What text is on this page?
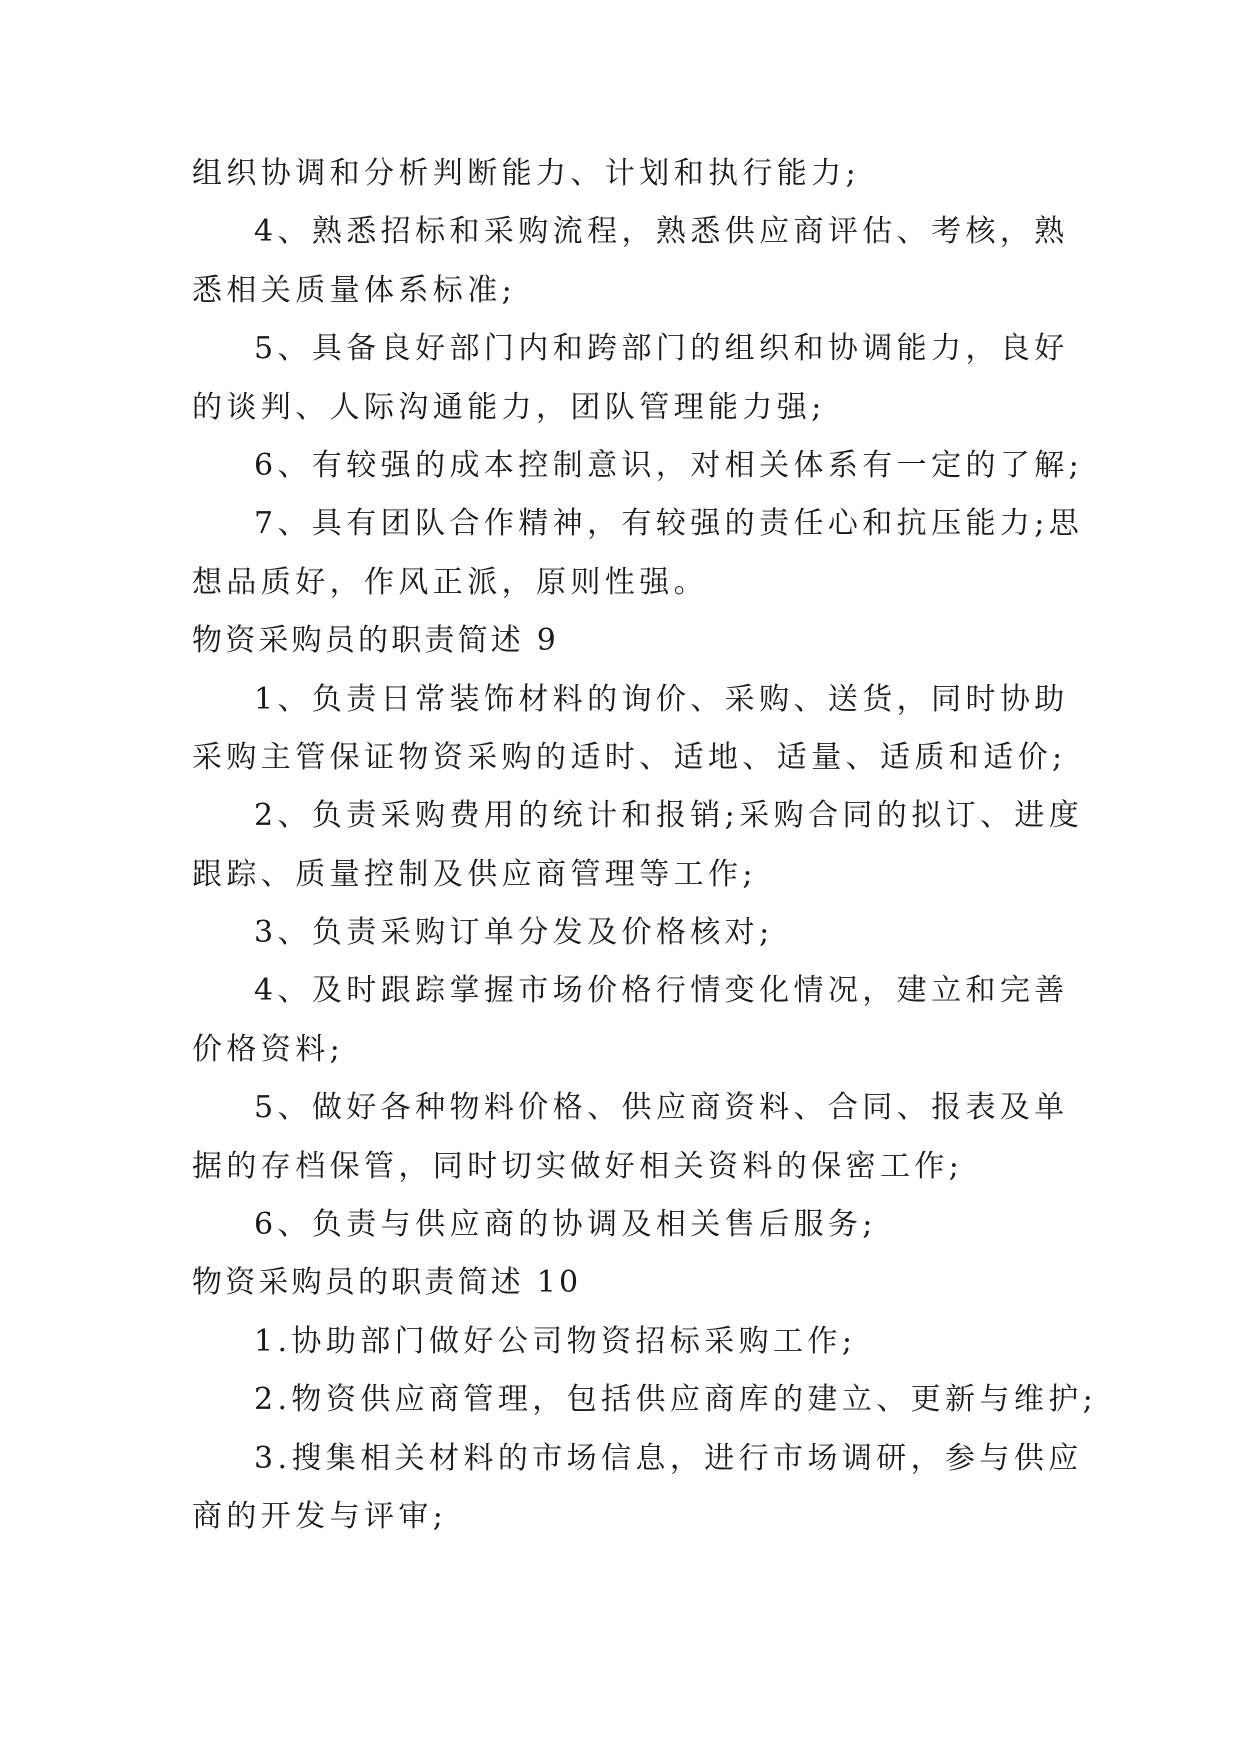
组织协调和分析判断能力、计划和执行能力;
4、熟悉招标和采购流程，熟悉供应商评估、考核，熟
悉相关质量体系标准;
5、具备良好部门内和跨部门的组织和协调能力，良好
的谈判、人际沟通能力，团队管理能力强;
6、有较强的成本控制意识，对相关体系有一定的了解;
7、具有团队合作精神，有较强的责任心和抗压能力;思
想品质好，作风正派，原则性强。
物资采购员的职责简述 9
1、负责日常装饰材料的询价、采购、送货，同时协助
采购主管保证物资采购的适时、适地、适量、适质和适价;
2、负责采购费用的统计和报销;采购合同的拟订、进度
跟踪、质量控制及供应商管理等工作;
3、负责采购订单分发及价格核对;
4、及时跟踪掌握市场价格行情变化情况，建立和完善
价格资料;
5、做好各种物料价格、供应商资料、合同、报表及单
据的存档保管，同时切实做好相关资料的保密工作;
6、负责与供应商的协调及相关售后服务;
物资采购员的职责简述 10
1.协助部门做好公司物资招标采购工作;
2.物资供应商管理，包括供应商库的建立、更新与维护;
3.搜集相关材料的市场信息，进行市场调研，参与供应
商的开发与评审;
